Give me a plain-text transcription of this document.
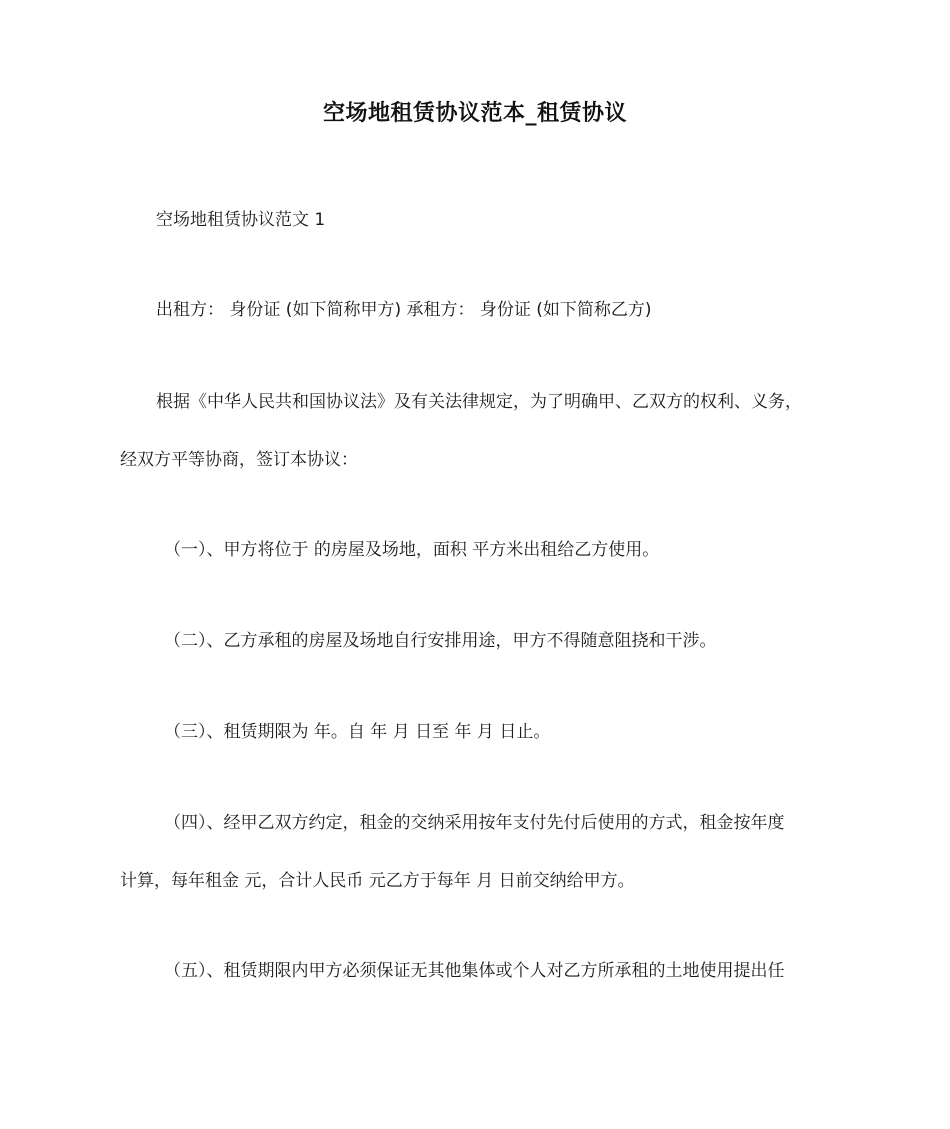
空场地租赁协议范本_租赁协议
空场地租赁协议范文 1
出租方： 身份证 (如下简称甲方) 承租方： 身份证 (如下简称乙方)
根据《中华人民共和国协议法》及有关法律规定，为了明确甲、乙双方的权利、义务，
经双方平等协商，签订本协议：
（一）、甲方将位于 的房屋及场地，面积 平方米出租给乙方使用。
（二）、乙方承租的房屋及场地自行安排用途，甲方不得随意阻挠和干涉。
（三）、租赁期限为 年。自 年 月 日至 年 月 日止。
（四）、经甲乙双方约定，租金的交纳采用按年支付先付后使用的方式，租金按年度
计算，每年租金 元，合计人民币 元乙方于每年 月 日前交纳给甲方。
（五）、租赁期限内甲方必须保证无其他集体或个人对乙方所承租的土地使用提出任
